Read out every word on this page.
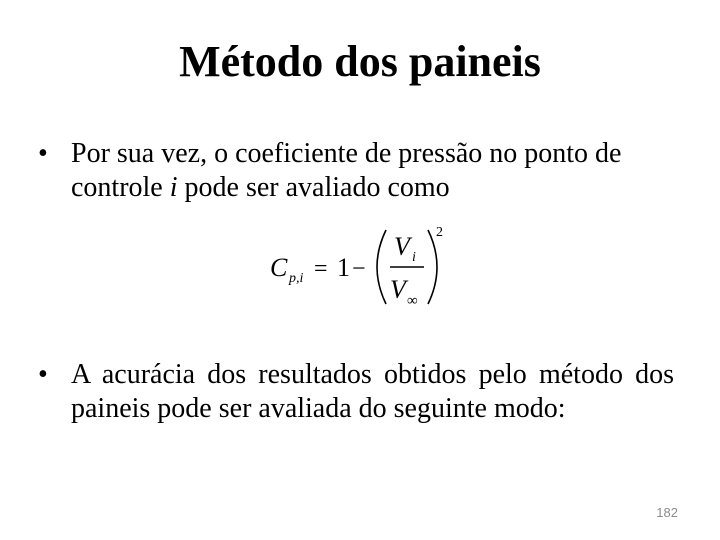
Método dos paineis
• Por sua vez, o coeficiente de pressão no ponto de controle i pode ser avaliado como
C p,i = 1 −
V i
V ∞
2
• A acurácia dos resultados obtidos pelo método dos paineis pode ser avaliada do seguinte modo:
182
